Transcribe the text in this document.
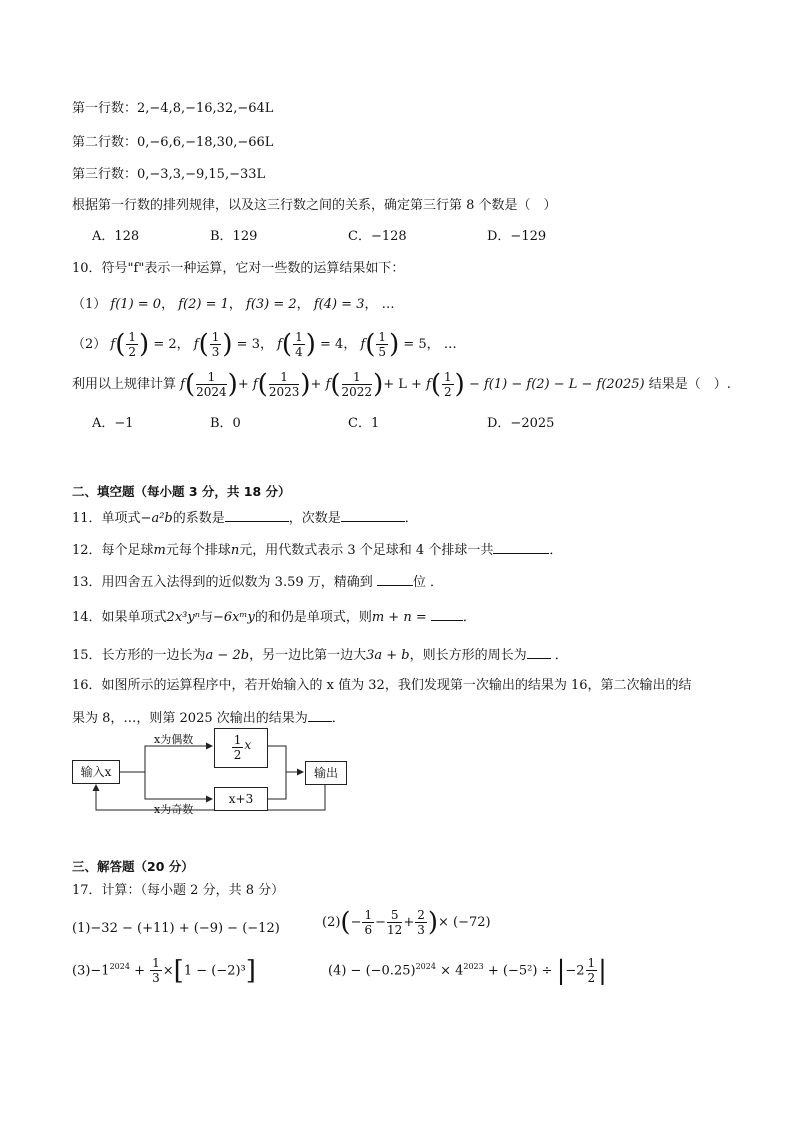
第一行数：2,−4,8,−16,32,−64L
第二行数：0,−6,6,−18,30,−66L
第三行数：0,−3,3,−9,15,−33L
根据第一行数的排列规律，以及这三行数之间的关系，确定第三行第 8 个数是（　）
A．128	B．129	C．−128	D．−129
10．符号"f"表示一种运算，它对一些数的运算结果如下：
（1） f(1) = 0， f(2) = 1， f(3) = 2， f(4) = 3， …
（2） $f( \frac{1}{2}$ ) = 2， $f( \frac{1}{3}$ ) = 3， $f( \frac{1}{4}$ ) = 4， $f( \frac{1}{5}$ ) = 5， …
利用以上规律计算 $f( \frac{1}{2024}$ )+ $f( \frac{1}{2023}$ )+ $f( \frac{1}{2022}$ )+ $L + f( \frac{1}{2}$ ) − f(1) − f(2) − L − f(2025) 结果是（　）.
A．−1	B．0	C．1	D．−2025
二、填空题（每小题 3 分，共 18 分）
11．单项式−a²b的系数是	，次数是	．
12．每个足球m元每个排球n元，用代数式表示 3 个足球和 4 个排球一共	．
13．用四舍五入法得到的近似数为 3.59 万，精确到	位 ．
14．如果单项式2x³yⁿ与−6xᵐy的和仍是单项式，则m + n =	．
15．长方形的一边长为a − 2b，另一边比第一边大3a + b，则长方形的周长为 ．
16．如图所示的运算程序中，若开始输入的 x 值为 32，我们发现第一次输出的结果为 16，第二次输出的结
果为 8，…，则第 2025 次输出的结果为 ．
输入x
x为偶数	$\frac{1}{2}$ x
x为奇数
x+3
输出
三、解答题（20 分）
17．计算：（每小题 2 分，共 8 分）
(1)−32 − (+11) + (−9) − (−12)	$(2)(- \frac{1}{6} - \frac{5}{12} + \frac{2}{3}$ )× (−72)
$(3)-1^{2024} + \frac{1}{3} \times[1 - (-2)^3]$	$(4) - (-0.25)^{2024} \times 4^{2023} + (-5^2) \div |-2 \frac{1}{2}$ |
